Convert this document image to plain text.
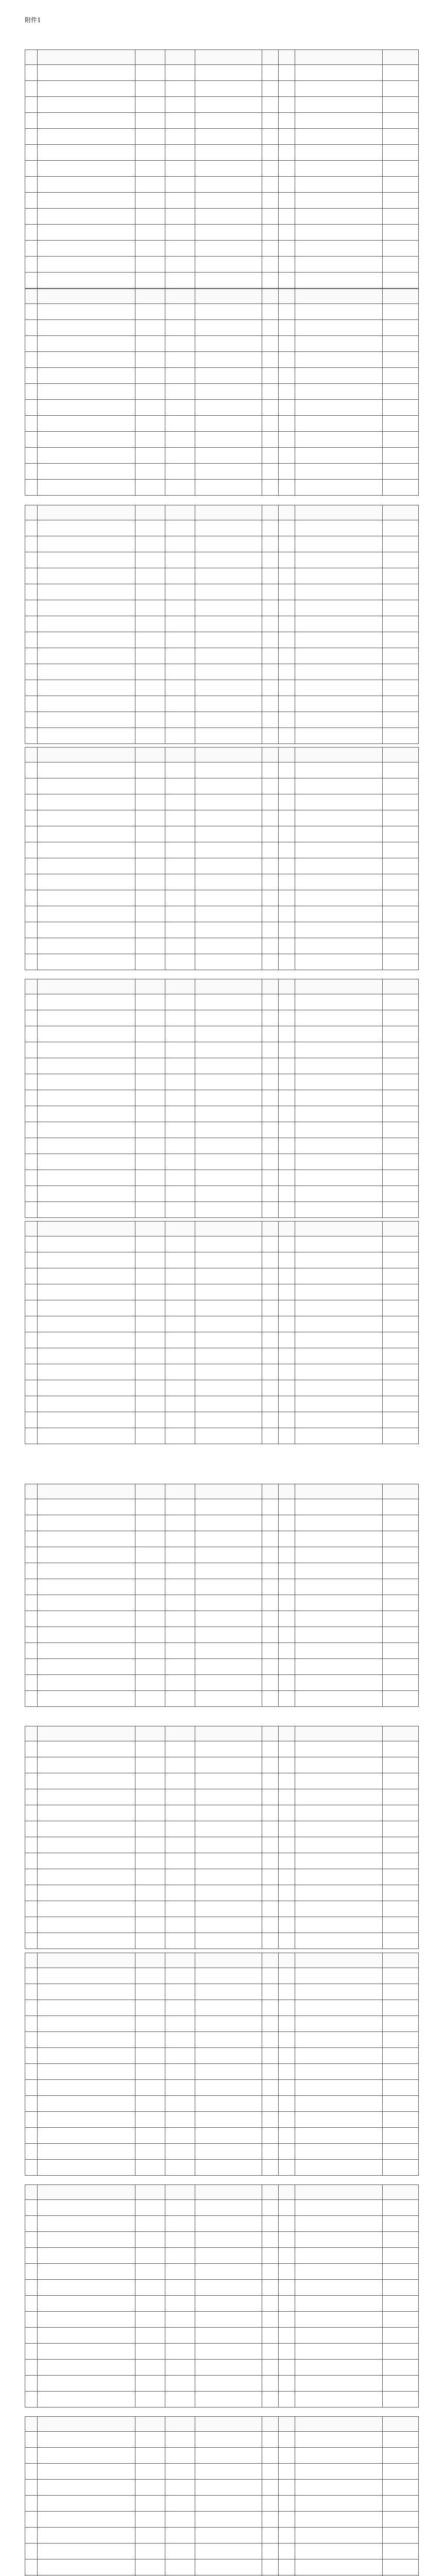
附件1
